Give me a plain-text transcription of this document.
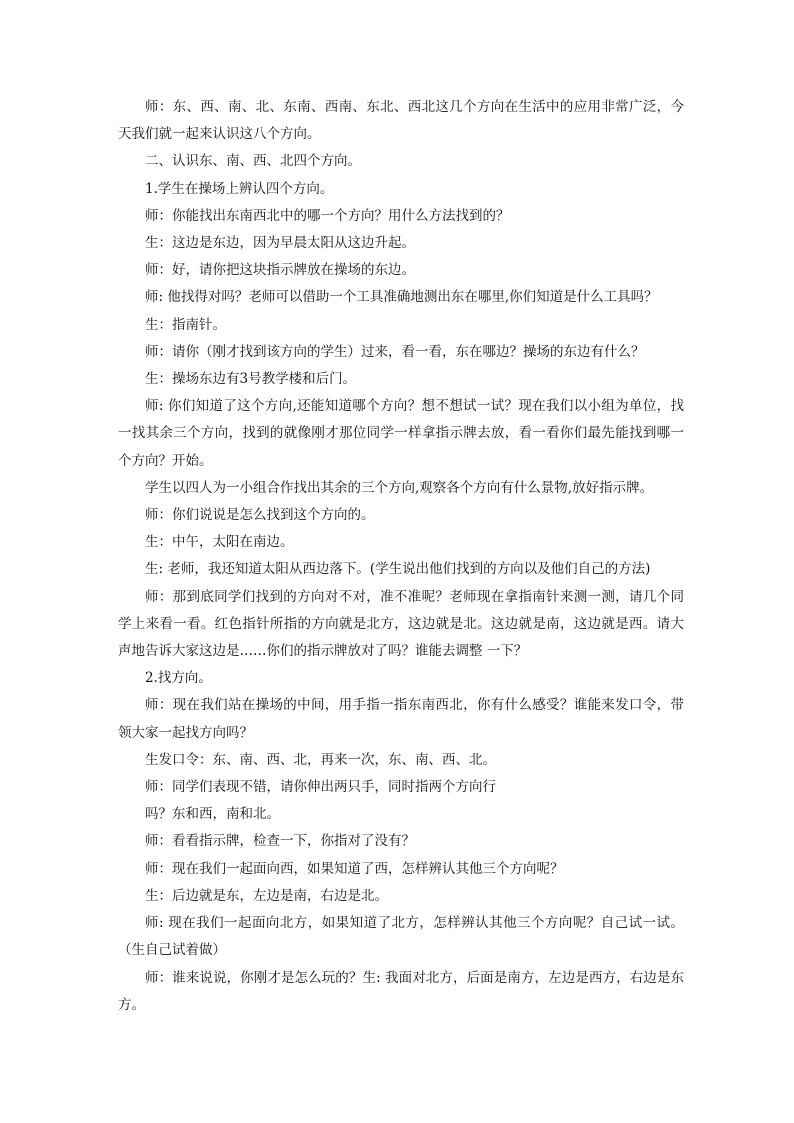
师：东、西、南、北、东南、西南、东北、西北这几个方向在生活中的应用非常广泛，今天我们就一起来认识这八个方向。

二、认识东、南、西、北四个方向。

1.学生在操场上辨认四个方向。

师：你能找出东南西北中的哪一个方向？用什么方法找到的？

生：这边是东边，因为早晨太阳从这边升起。

师：好，请你把这块指示牌放在操场的东边。

师: 他找得对吗？老师可以借助一个工具准确地测出东在哪里,你们知道是什么工具吗？

生：指南针。

师：请你（刚才找到该方向的学生）过来，看一看，东在哪边？操场的东边有什么？

生：操场东边有3号教学楼和后门。

师: 你们知道了这个方向,还能知道哪个方向？想不想试一试？现在我们以小组为单位，找一找其余三个方向，找到的就像刚才那位同学一样拿指示牌去放，看一看你们最先能找到哪一个方向？开始。

学生以四人为一小组合作找出其余的三个方向,观察各个方向有什么景物,放好指示牌。

师：你们说说是怎么找到这个方向的。

生：中午，太阳在南边。

生: 老师，我还知道太阳从西边落下。(学生说出他们找到的方向以及他们自己的方法)

师：那到底同学们找到的方向对不对，准不准呢？老师现在拿指南针来测一测，请几个同学上来看一看。红色指针所指的方向就是北方，这边就是北。这边就是南，这边就是西。请大声地告诉大家这边是……你们的指示牌放对了吗？谁能去调整 一下？

2.找方向。

师：现在我们站在操场的中间，用手指一指东南西北，你有什么感受？谁能来发口令，带领大家一起找方向吗？

生发口令：东、南、西、北，再来一次，东、南、西、北。

师：同学们表现不错，请你伸出两只手，同时指两个方向行

吗？东和西，南和北。

师：看看指示牌，检查一下，你指对了没有？

师：现在我们一起面向西，如果知道了西，怎样辨认其他三个方向呢？

生：后边就是东，左边是南，右边是北。

师: 现在我们一起面向北方，如果知道了北方，怎样辨认其他三个方向呢？自己试一试。（生自己试着做）

师：谁来说说，你刚才是怎么玩的？生: 我面对北方，后面是南方，左边是西方，右边是东方。
